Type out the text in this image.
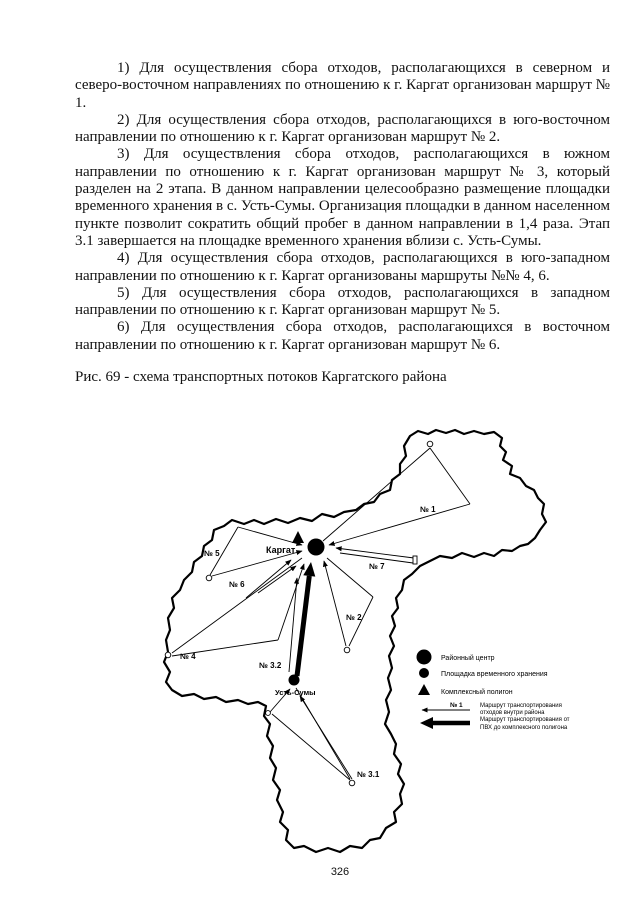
1) Для осуществления сбора отходов, располагающихся в северном и северо-восточном направлениях по отношению к г. Каргат организован маршрут № 1.

2) Для осуществления сбора отходов, располагающихся в юго-восточном направлении по отношению к г. Каргат организован маршрут № 2.

3) Для осуществления сбора отходов, располагающихся в южном направлении по отношению к г. Каргат организован маршрут № 3, который разделен на 2 этапа. В данном направлении целесообразно размещение площадки временного хранения в с. Усть-Сумы. Организация площадки в данном населенном пункте позволит сократить общий пробег в данном направлении в 1,4 раза. Этап 3.1 завершается на площадке временного хранения вблизи с. Усть-Сумы.

4) Для осуществления сбора отходов, располагающихся в юго-западном направлении по отношению к г. Каргат организованы маршруты №№ 4, 6.

5) Для осуществления сбора отходов, располагающихся в западном направлении по отношению к г. Каргат организован маршрут № 5.

6) Для осуществления сбора отходов, располагающихся в восточном направлении по отношению к г. Каргат организован маршрут № 6.

Рис. 69 - схема транспортных потоков Каргатского района

Каргат
Усть-Сумы
№ 1
№ 5
№ 6
№ 7
№ 2
№ 4
№ 3.2
№ 3.1
Районный центр
Площадка временного хранения
Комплексный полигон
№ 1	Маршрут транспортирования
отходов внутри района
Маршрут транспортирования от
ПВХ до комплексного полигона
326
